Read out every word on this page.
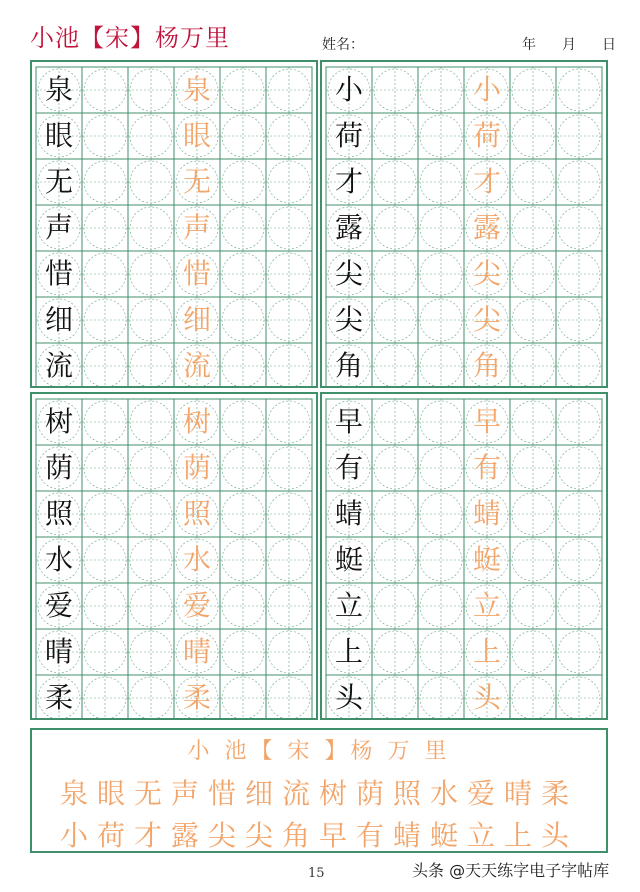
小池【宋】杨万里	姓名：	年 月 日
泉	泉
眼	眼
无	无
声	声
惜	惜
细	细
流	流
小	小
荷	荷
才	才
露	露
尖	尖
尖	尖
角	角
树	树
荫	荫
照	照
水	水
爱	爱
晴	晴
柔	柔
早	早
有	有
蜻	蜻
蜓	蜓
立	立
上	上
头	头
小 池【 宋 】杨 万 里
泉眼无声惜细流树荫照水爱晴柔
小荷才露尖尖角早有蜻蜓立上头
15	头条 @天天练字电子字帖库
